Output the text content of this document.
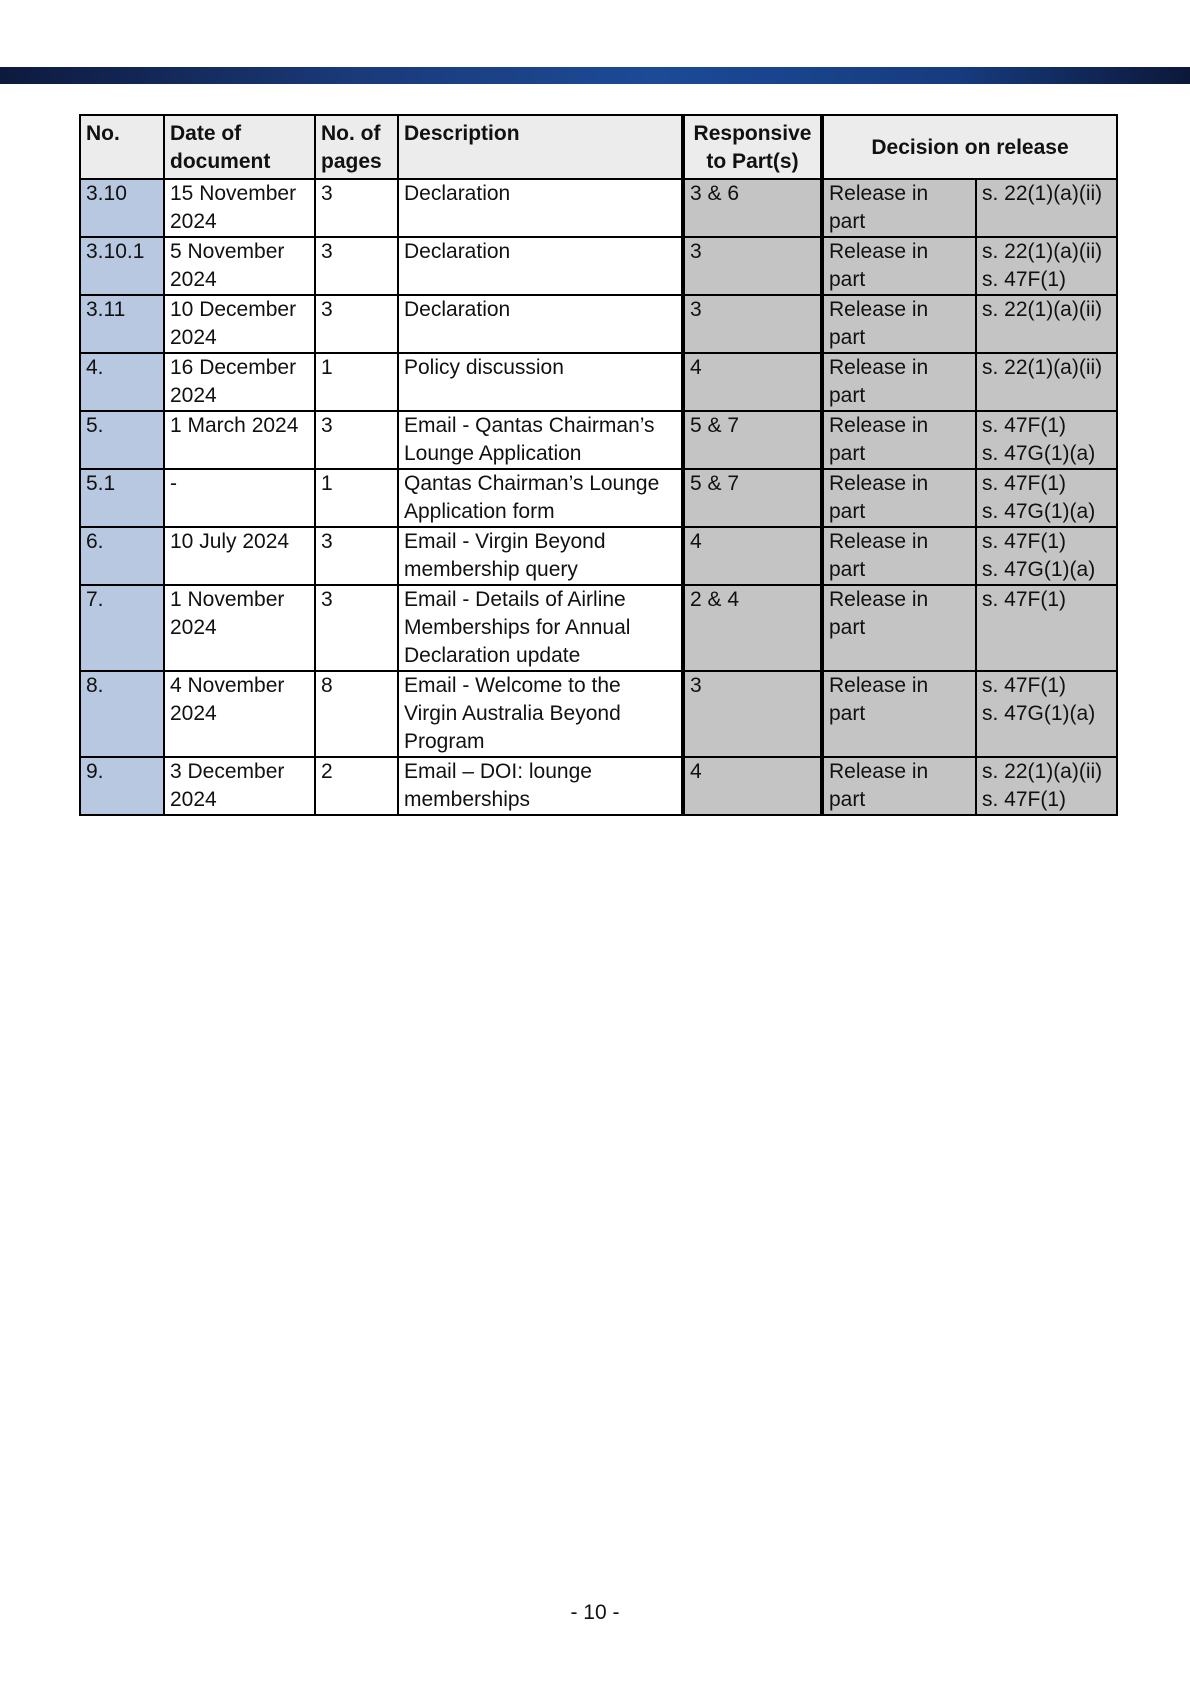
No.	Date of document	No. of pages	Description	Responsive to Part(s)	Decision on release	
3.10	15 November 2024	3	Declaration	3 & 6	Release in part	s. 22(1)(a)(ii)
3.10.1	5 November 2024	3	Declaration	3	Release in part	s. 22(1)(a)(ii)
s. 47F(1)
3.11	10 December 2024	3	Declaration	3	Release in part	s. 22(1)(a)(ii)
4.	16 December 2024	1	Policy discussion	4	Release in part	s. 22(1)(a)(ii)
5.	1 March 2024	3	Email - Qantas Chairman’s Lounge Application	5 & 7	Release in part	s. 47F(1)
s. 47G(1)(a)
5.1	-	1	Qantas Chairman’s Lounge Application form	5 & 7	Release in part	s. 47F(1)
s. 47G(1)(a)
6.	10 July 2024	3	Email - Virgin Beyond membership query	4	Release in part	s. 47F(1)
s. 47G(1)(a)
7.	1 November 2024	3	Email - Details of Airline Memberships for Annual Declaration update	2 & 4	Release in part	s. 47F(1)
8.	4 November 2024	8	Email - Welcome to the Virgin Australia Beyond Program	3	Release in part	s. 47F(1)
s. 47G(1)(a)
9.	3 December 2024	2	Email – DOI: lounge memberships	4	Release in part	s. 22(1)(a)(ii)
s. 47F(1)
- 10 -
